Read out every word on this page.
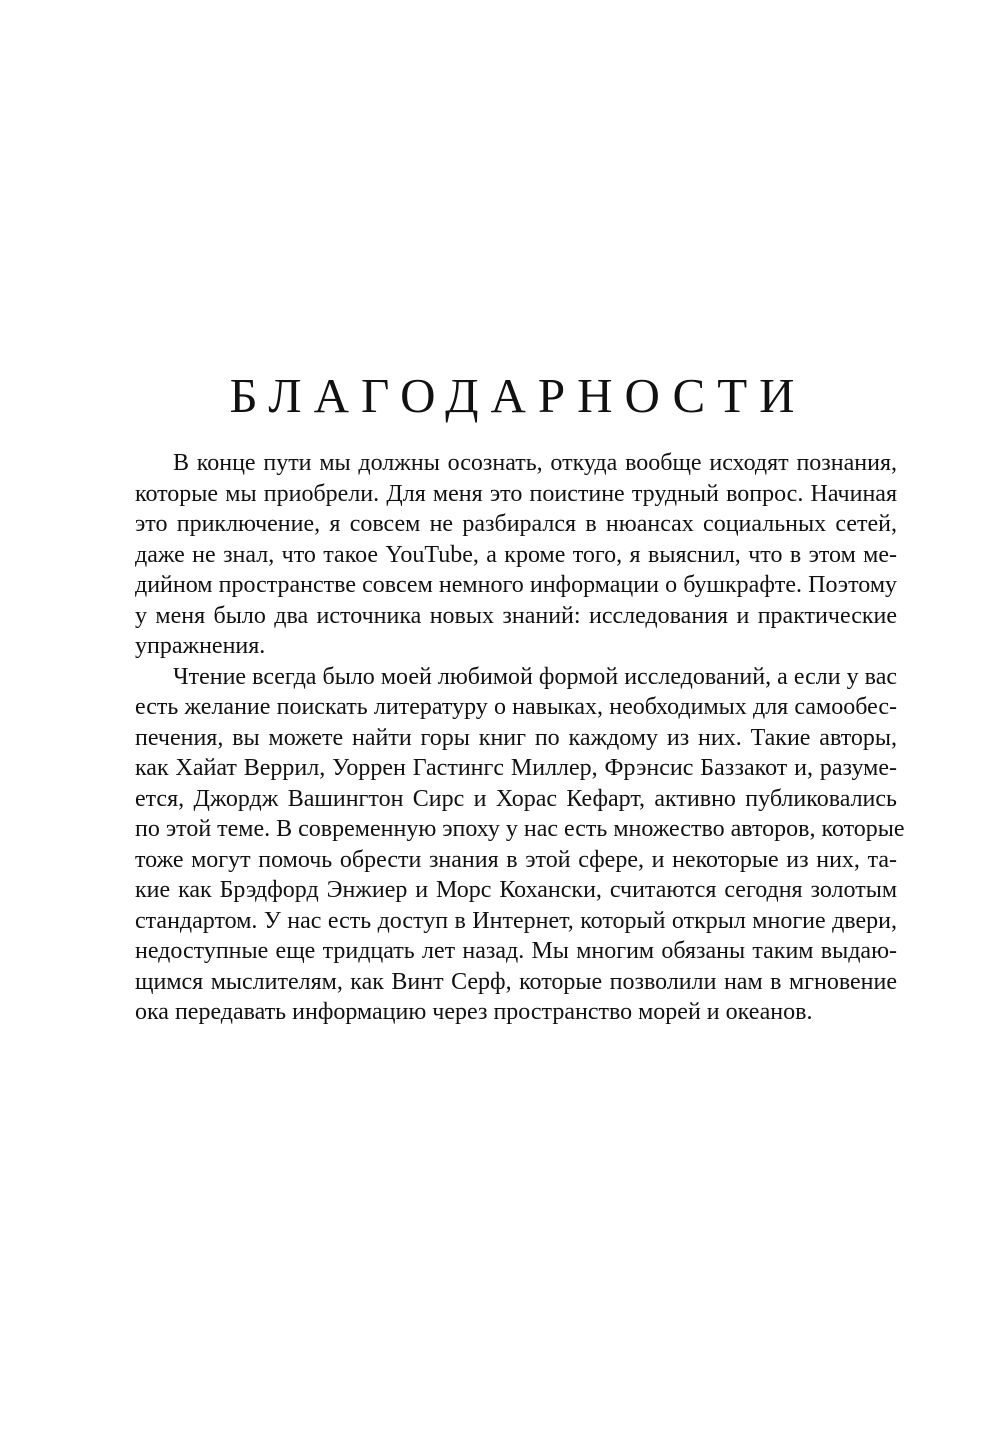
БЛАГОДАРНОСТИ
В конце пути мы должны осознать, откуда вообще исходят познания,
которые мы приобрели. Для меня это поистине трудный вопрос. Начиная
это приключение, я совсем не разбирался в нюансах социальных сетей,
даже не знал, что такое YouTube, а кроме того, я выяснил, что в этом ме-
дийном пространстве совсем немного информации о бушкрафте. Поэтому
у меня было два источника новых знаний: исследования и практические
упражнения.
Чтение всегда было моей любимой формой исследований, а если у вас
есть желание поискать литературу о навыках, необходимых для самообес-
печения, вы можете найти горы книг по каждому из них. Такие авторы,
как Хайат Веррил, Уоррен Гастингс Миллер, Фрэнсис Баззакот и, разуме-
ется, Джордж Вашингтон Сирс и Хорас Кефарт, активно публиковались
по этой теме. В современную эпоху у нас есть множество авторов, которые
тоже могут помочь обрести знания в этой сфере, и некоторые из них, та-
кие как Брэдфорд Энжиер и Морс Кохански, считаются сегодня золотым
стандартом. У нас есть доступ в Интернет, который открыл многие двери,
недоступные еще тридцать лет назад. Мы многим обязаны таким выдаю-
щимся мыслителям, как Винт Серф, которые позволили нам в мгновение
ока передавать информацию через пространство морей и океанов.
